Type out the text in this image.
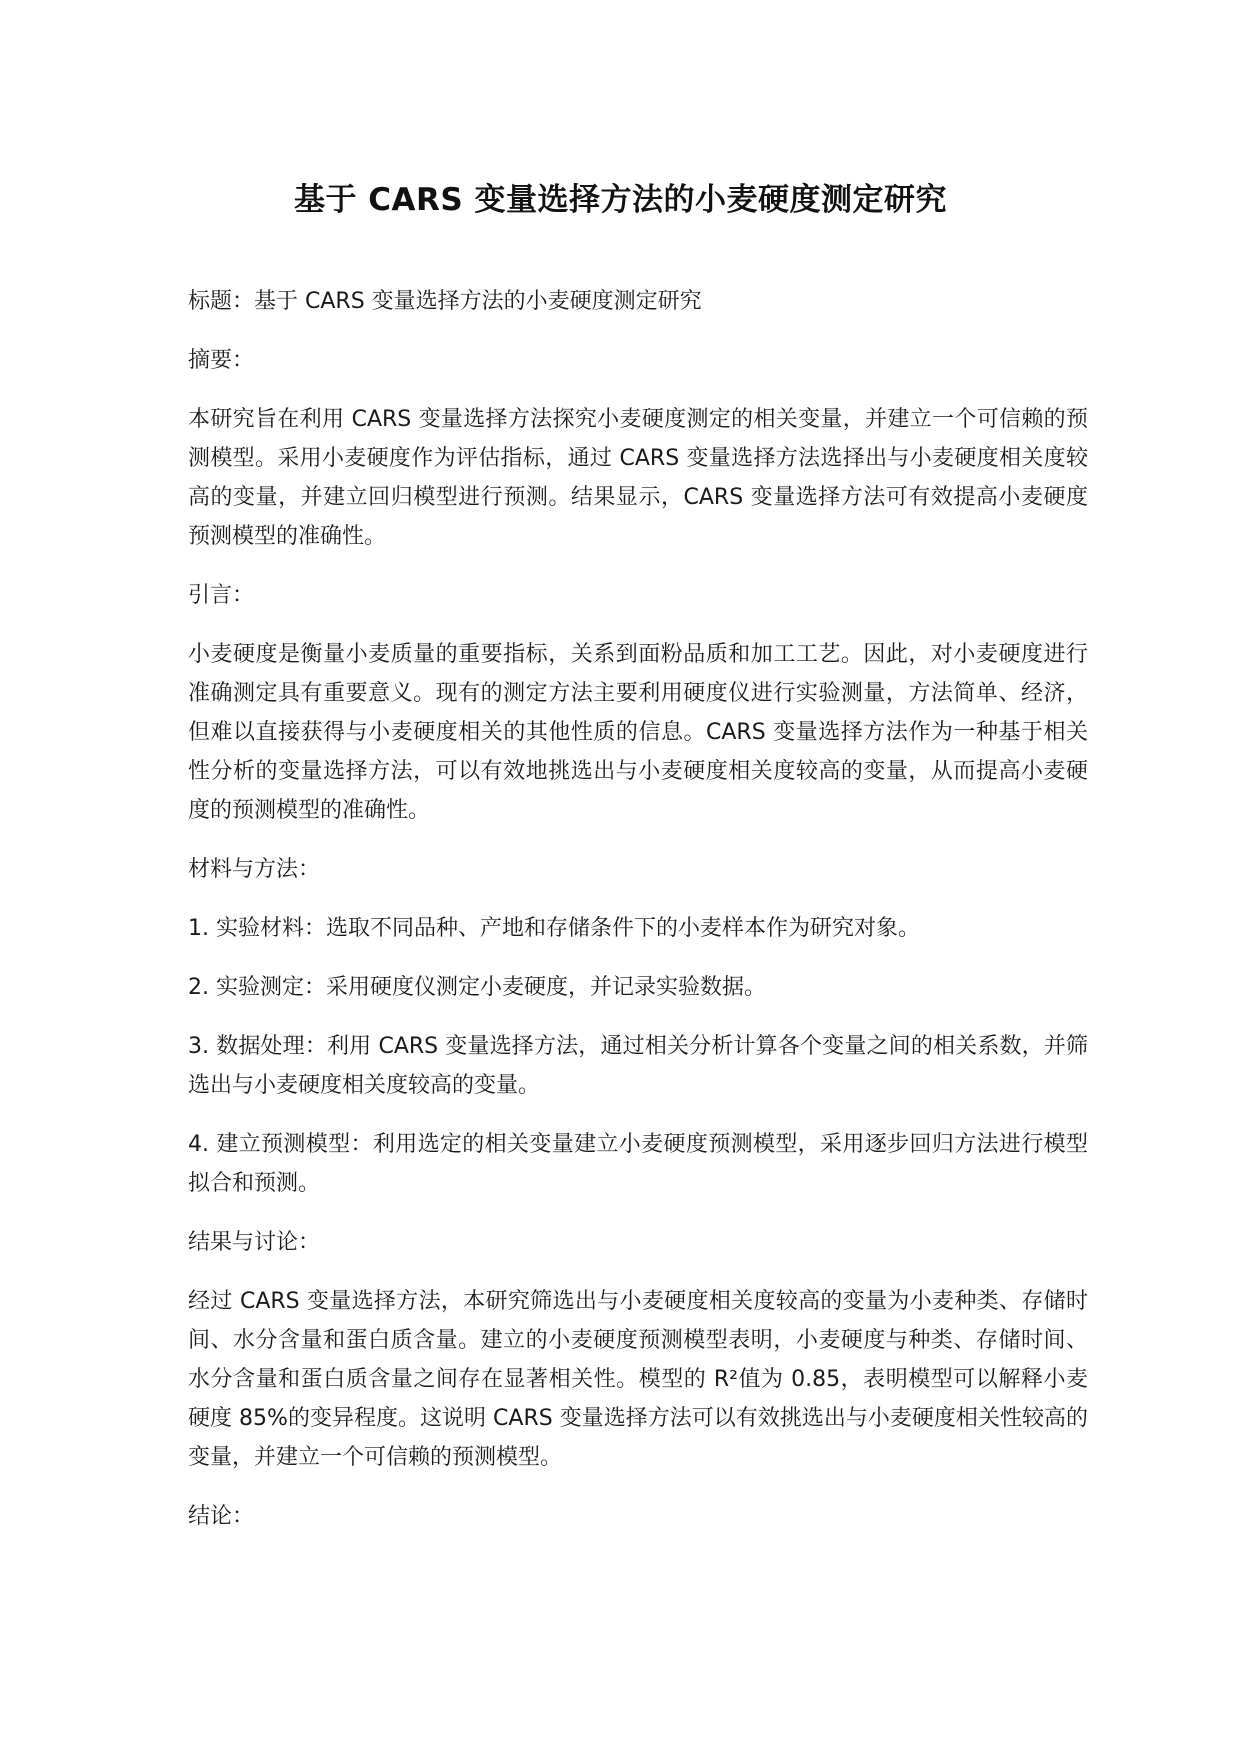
基于 CARS 变量选择方法的小麦硬度测定研究

标题：基于 CARS 变量选择方法的小麦硬度测定研究

摘要：

本研究旨在利用 CARS 变量选择方法探究小麦硬度测定的相关变量，并建立一个可信赖的预测模型。采用小麦硬度作为评估指标，通过 CARS 变量选择方法选择出与小麦硬度相关度较高的变量，并建立回归模型进行预测。结果显示，CARS 变量选择方法可有效提高小麦硬度预测模型的准确性。

引言：

小麦硬度是衡量小麦质量的重要指标，关系到面粉品质和加工工艺。因此，对小麦硬度进行准确测定具有重要意义。现有的测定方法主要利用硬度仪进行实验测量，方法简单、经济，但难以直接获得与小麦硬度相关的其他性质的信息。CARS 变量选择方法作为一种基于相关性分析的变量选择方法，可以有效地挑选出与小麦硬度相关度较高的变量，从而提高小麦硬度的预测模型的准确性。

材料与方法：

1. 实验材料：选取不同品种、产地和存储条件下的小麦样本作为研究对象。

2. 实验测定：采用硬度仪测定小麦硬度，并记录实验数据。

3. 数据处理：利用 CARS 变量选择方法，通过相关分析计算各个变量之间的相关系数，并筛选出与小麦硬度相关度较高的变量。

4. 建立预测模型：利用选定的相关变量建立小麦硬度预测模型，采用逐步回归方法进行模型拟合和预测。

结果与讨论：

经过 CARS 变量选择方法，本研究筛选出与小麦硬度相关度较高的变量为小麦种类、存储时间、水分含量和蛋白质含量。建立的小麦硬度预测模型表明，小麦硬度与种类、存储时间、水分含量和蛋白质含量之间存在显著相关性。模型的 R²值为 0.85，表明模型可以解释小麦硬度 85%的变异程度。这说明 CARS 变量选择方法可以有效挑选出与小麦硬度相关性较高的变量，并建立一个可信赖的预测模型。

结论：
